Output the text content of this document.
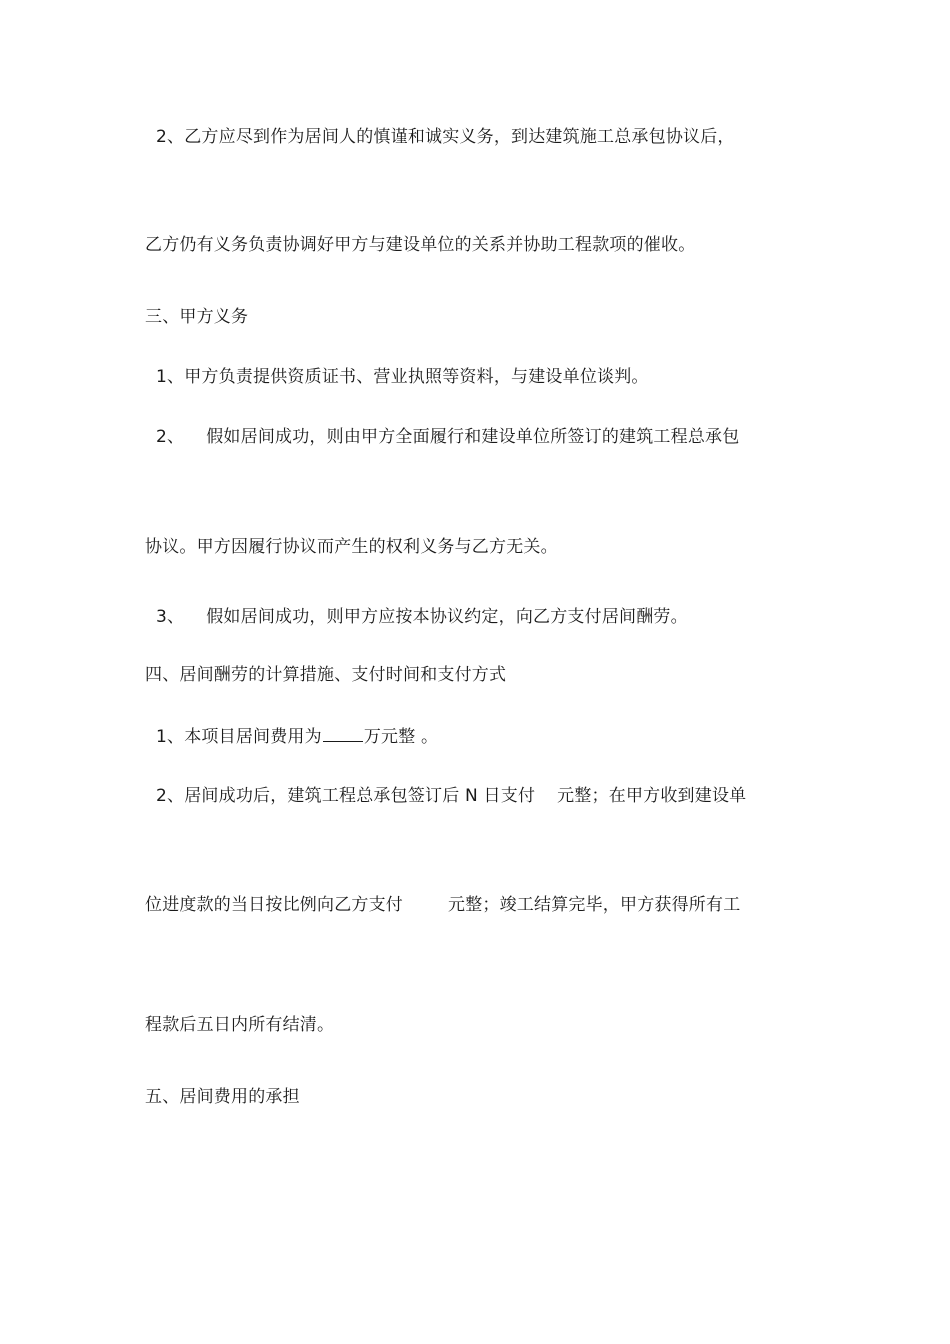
2、乙方应尽到作为居间人的慎谨和诚实义务，到达建筑施工总承包协议后，
乙方仍有义务负责协调好甲方与建设单位的关系并协助工程款项的催收。
三、甲方义务
1、甲方负责提供资质证书、营业执照等资料，与建设单位谈判。
2、 假如居间成功，则由甲方全面履行和建设单位所签订的建筑工程总承包
协议。甲方因履行协议而产生的权利义务与乙方无关。
3、 假如居间成功，则甲方应按本协议约定，向乙方支付居间酬劳。
四、居间酬劳的计算措施、支付时间和支付方式
1、本项目居间费用为 万元整 。
2、居间成功后，建筑工程总承包签订后 N 日支付 元整；在甲方收到建设单
位进度款的当日按比例向乙方支付	元整；竣工结算完毕，甲方获得所有工
程款后五日内所有结清。
五、居间费用的承担
